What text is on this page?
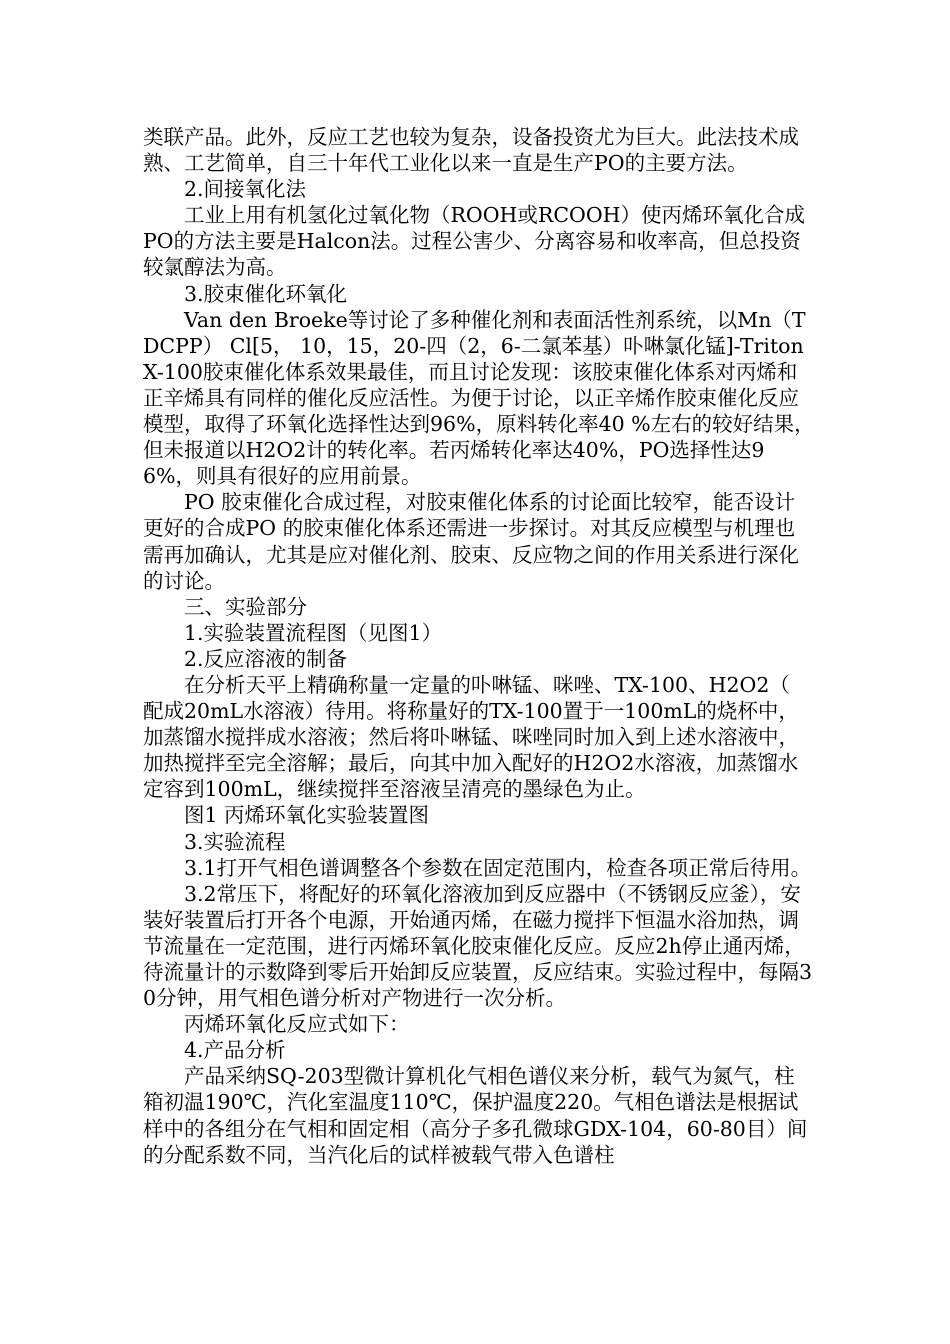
类联产品。此外，反应工艺也较为复杂，设备投资尤为巨大。此法技术成熟、工艺简单，自三十年代工业化以来一直是生产PO的主要方法。

2.间接氧化法

工业上用有机氢化过氧化物（ROOH或RCOOH）使丙烯环氧化合成PO的方法主要是Halcon法。过程公害少、分离容易和收率高，但总投资较氯醇法为高。

3.胶束催化环氧化

Van den Broeke等讨论了多种催化剂和表面活性剂系统，以Mn（TDCPP） Cl[5， 10，15，20-四（2，6-二氯苯基）卟啉氯化锰]-Triton X-100胶束催化体系效果最佳，而且讨论发现：该胶束催化体系对丙烯和正辛烯具有同样的催化反应活性。为便于讨论，以正辛烯作胶束催化反应模型，取得了环氧化选择性达到96%，原料转化率40 %左右的较好结果，但未报道以H2O2计的转化率。若丙烯转化率达40%，PO选择性达96%，则具有很好的应用前景。

PO 胶束催化合成过程，对胶束催化体系的讨论面比较窄，能否设计更好的合成PO 的胶束催化体系还需进一步探讨。对其反应模型与机理也需再加确认，尤其是应对催化剂、胶束、反应物之间的作用关系进行深化的讨论。

三、实验部分

1.实验装置流程图（见图1）

2.反应溶液的制备

在分析天平上精确称量一定量的卟啉锰、咪唑、TX-100、H2O2（ 配成20mL水溶液）待用。将称量好的TX-100置于一100mL的烧杯中，加蒸馏水搅拌成水溶液；然后将卟啉锰、咪唑同时加入到上述水溶液中，加热搅拌至完全溶解；最后，向其中加入配好的H2O2水溶液，加蒸馏水定容到100mL，继续搅拌至溶液呈清亮的墨绿色为止。

图1 丙烯环氧化实验装置图

3.实验流程

3.1打开气相色谱调整各个参数在固定范围内，检查各项正常后待用。

3.2常压下，将配好的环氧化溶液加到反应器中（不锈钢反应釜），安装好装置后打开各个电源，开始通丙烯，在磁力搅拌下恒温水浴加热，调节流量在一定范围，进行丙烯环氧化胶束催化反应。反应2h停止通丙烯，待流量计的示数降到零后开始卸反应装置，反应结束。实验过程中，每隔30分钟，用气相色谱分析对产物进行一次分析。

丙烯环氧化反应式如下：

4.产品分析

产品采纳SQ-203型微计算机化气相色谱仪来分析，载气为氮气，柱箱初温190℃，汽化室温度110℃，保护温度220。气相色谱法是根据试样中的各组分在气相和固定相（高分子多孔微球GDX-104，60-80目）间的分配系数不同，当汽化后的试样被载气带入色谱柱
